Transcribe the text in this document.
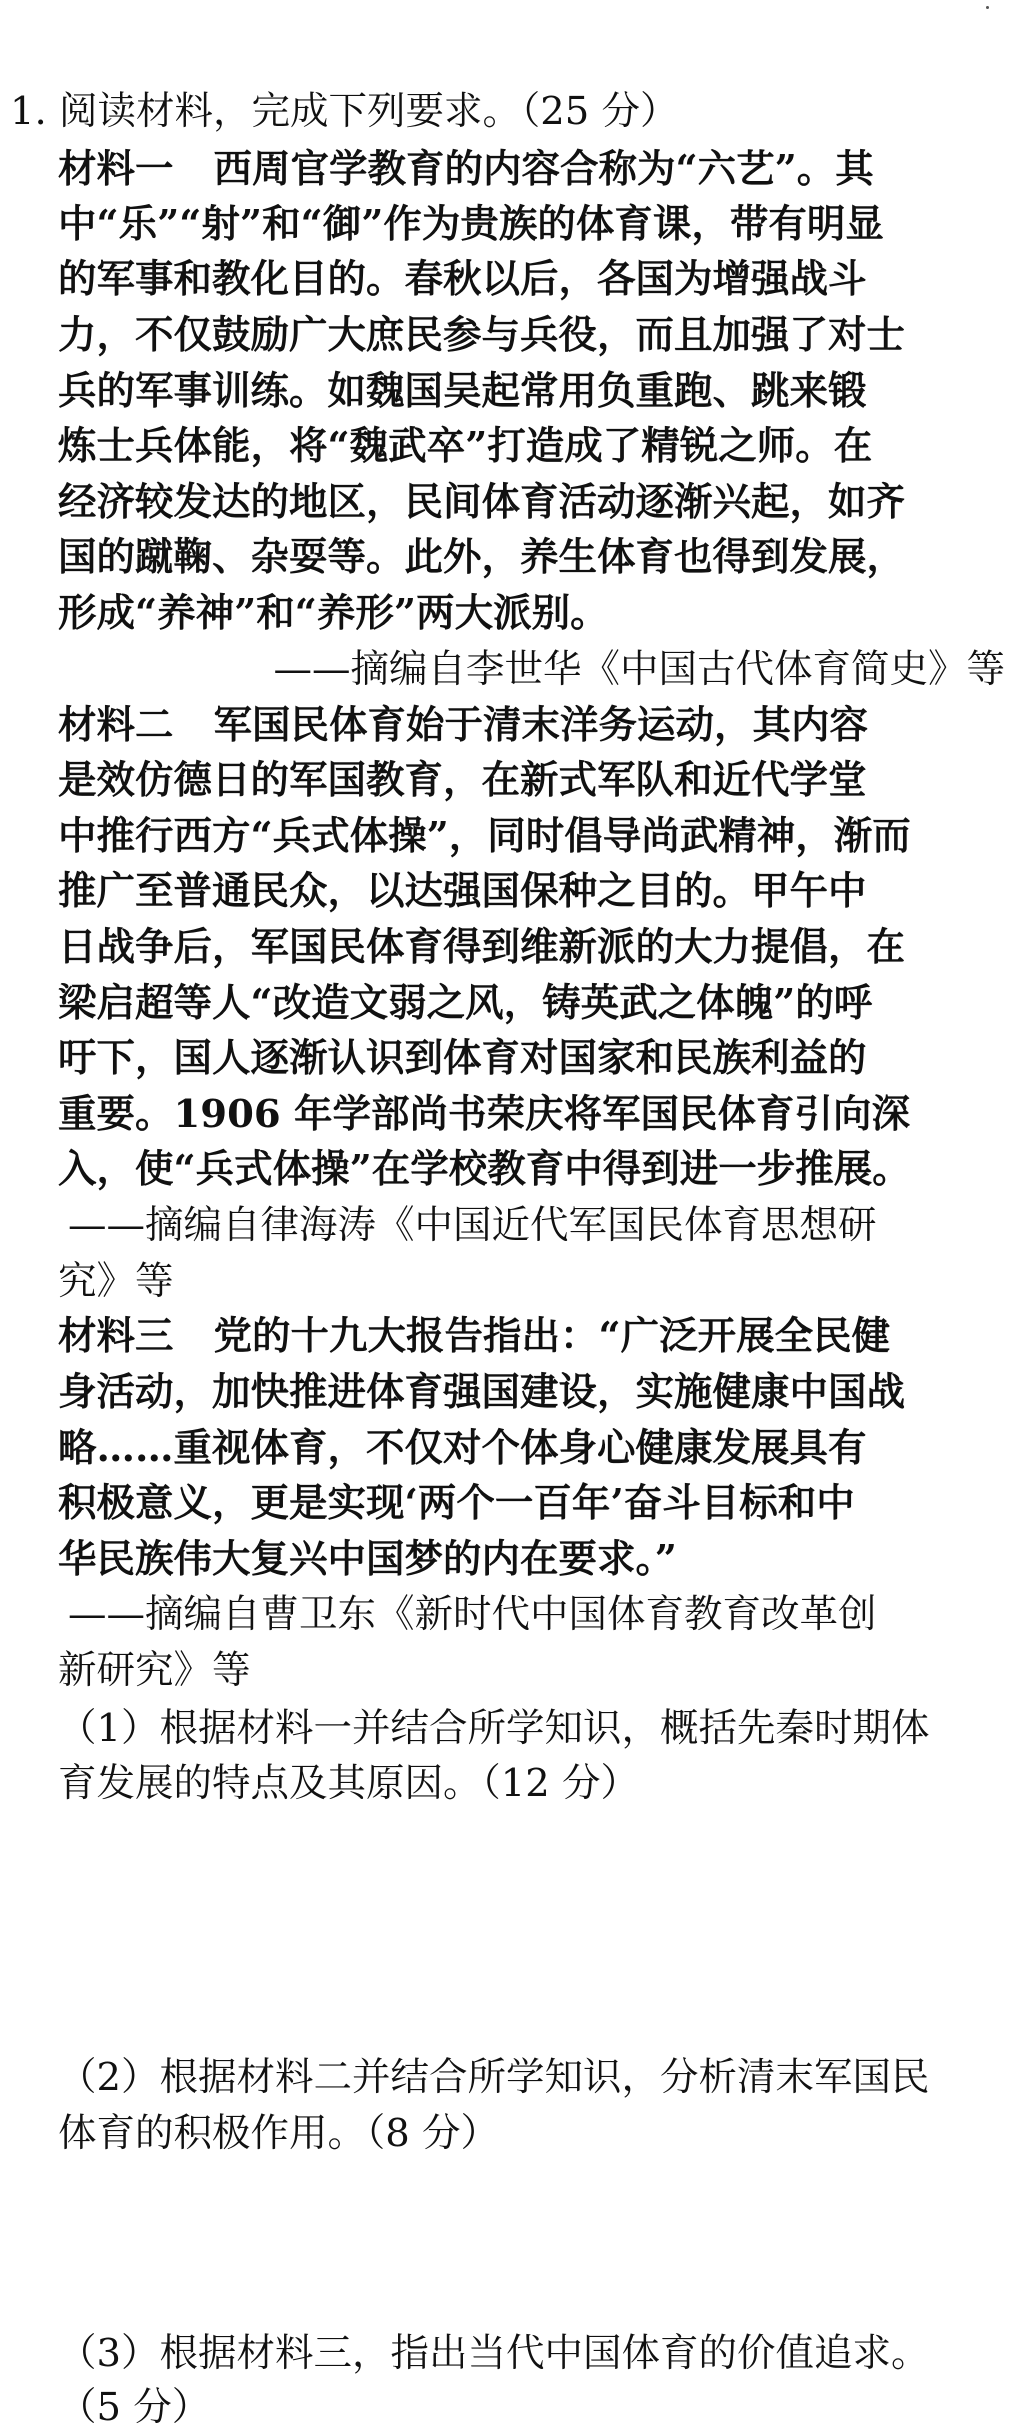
1. 阅读材料，完成下列要求。（25 分）
材料一 西周官学教育的内容合称为“六艺”。其
中“乐”“射”和“御”作为贵族的体育课，带有明显
的军事和教化目的。春秋以后，各国为增强战斗
力，不仅鼓励广大庶民参与兵役，而且加强了对士
兵的军事训练。如魏国吴起常用负重跑、跳来锻
炼士兵体能，将“魏武卒”打造成了精锐之师。在
经济较发达的地区，民间体育活动逐渐兴起，如齐
国的蹴鞠、杂耍等。此外，养生体育也得到发展，
形成“养神”和“养形”两大派别。
——摘编自李世华《中国古代体育简史》等
材料二 军国民体育始于清末洋务运动，其内容
是效仿德日的军国教育，在新式军队和近代学堂
中推行西方“兵式体操”，同时倡导尚武精神，渐而
推广至普通民众，以达强国保种之目的。甲午中
日战争后，军国民体育得到维新派的大力提倡，在
梁启超等人“改造文弱之风，铸英武之体魄”的呼
吁下，国人逐渐认识到体育对国家和民族利益的
重要。1906 年学部尚书荣庆将军国民体育引向深
入，使“兵式体操”在学校教育中得到进一步推展。
——摘编自律海涛《中国近代军国民体育思想研
究》等
材料三 党的十九大报告指出：“广泛开展全民健
身活动，加快推进体育强国建设，实施健康中国战
略……重视体育，不仅对个体身心健康发展具有
积极意义，更是实现‘两个一百年’奋斗目标和中
华民族伟大复兴中国梦的内在要求。”
——摘编自曹卫东《新时代中国体育教育改革创
新研究》等
（1）根据材料一并结合所学知识，概括先秦时期体
育发展的特点及其原因。（12 分）
（2）根据材料二并结合所学知识，分析清末军国民
体育的积极作用。（8 分）
（3）根据材料三，指出当代中国体育的价值追求。
（5 分）
